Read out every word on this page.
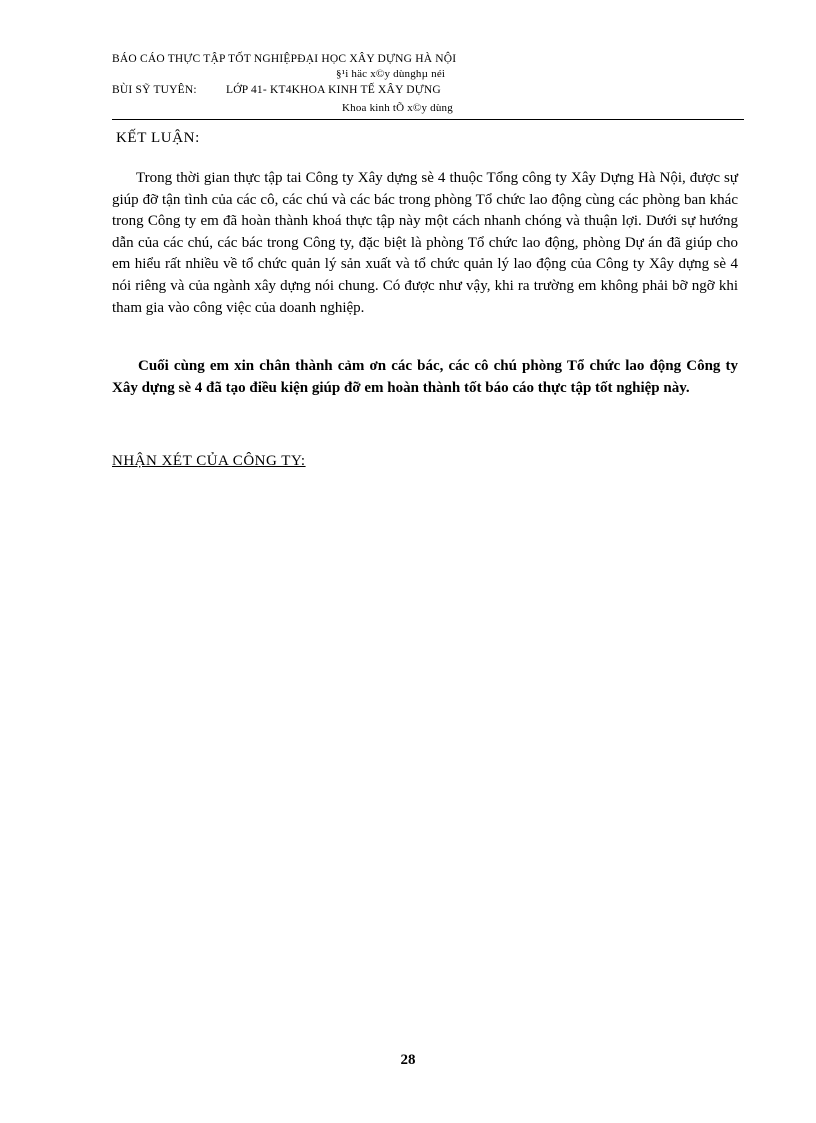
BÁO CÁO THỰC TẬP TỐT NGHIỆPĐẠI HỌC XÂY DỰNG HÀ NỘI
§¹i häc x©y dùnghµ néi
BÙI SỸ TUYÊN:	LỚP 41- KT4KHOA KINH TẾ XÂY DỰNG
Khoa kinh tÕ x©y dùng
KẾT LUẬN:

Trong thời gian thực tập tai Công ty Xây dựng sè 4 thuộc Tổng công ty Xây Dựng Hà Nội, được sự giúp đỡ tận tình của các cô, các chú và các bác trong phòng Tổ chức lao động cùng các phòng ban khác trong Công ty em đã hoàn thành khoá thực tập này một cách nhanh chóng và thuận lợi. Dưới sự hướng dẫn của các chú, các bác trong Công ty, đặc biệt là phòng Tổ chức lao động, phòng Dự án đã giúp cho em hiểu rất nhiều về tổ chức quản lý sản xuất và tổ chức quản lý lao động của Công ty Xây dựng sè 4 nói riêng và của ngành xây dựng nói chung. Có được như vậy, khi ra trường em không phải bỡ ngỡ khi tham gia vào công việc của doanh nghiệp.

Cuối cùng em xin chân thành cảm ơn các bác, các cô chú phòng Tổ chức lao động Công ty Xây dựng sè 4 đã tạo điều kiện giúp đỡ em hoàn thành tốt báo cáo thực tập tốt nghiệp này.

NHẬN XÉT CỦA CÔNG TY:
28
